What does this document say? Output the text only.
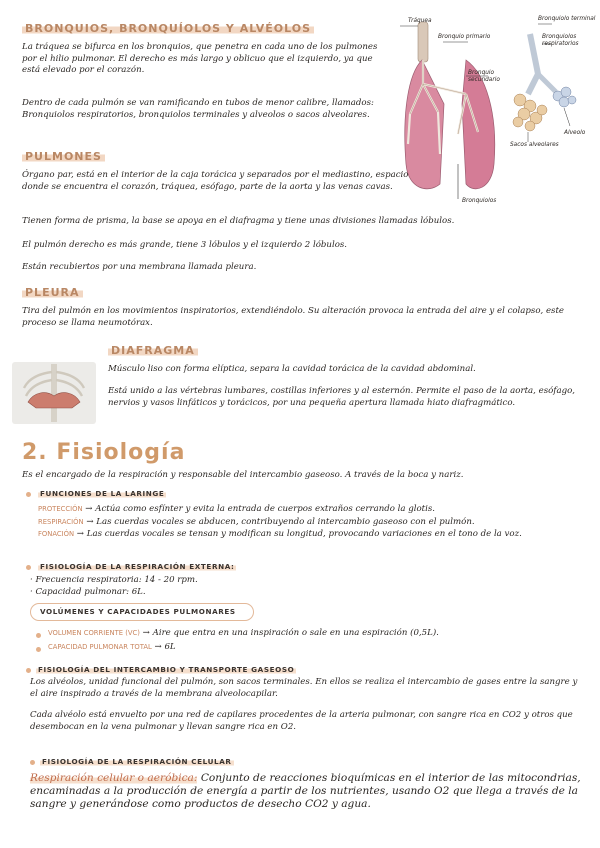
BRONQUIOS, BRONQUÍOLOS Y ALVÉOLOS

La tráquea se bifurca en los bronquios, que penetra en cada uno de los pulmones por el hilio pulmonar. El derecho es más largo y oblicuo que el izquierdo, ya que está elevado por el corazón.

Dentro de cada pulmón se van ramificando en tubos de menor calibre, llamados: Bronquiolos respiratorios, bronquiolos terminales y alveolos o sacos alveolares.

Tráquea
Bronquio primario
Bronquio secundario
Bronquiolos
Bronquiolo terminal
Bronquiolos respiratorios
Sacos alveolares
Alveolo
PULMONES

Órgano par, está en el interior de la caja torácica y separados por el mediastino, espacio donde se encuentra el corazón, tráquea, esófago, parte de la aorta y las venas cavas.

Tienen forma de prisma, la base se apoya en el diafragma y tiene unas divisiones llamadas lóbulos.

El pulmón derecho es más grande, tiene 3 lóbulos y el izquierdo 2 lóbulos.

Están recubiertos por una membrana llamada pleura.

PLEURA

Tira del pulmón en los movimientos inspiratorios, extendiéndolo. Su alteración provoca la entrada del aire y el colapso, este proceso se llama neumotórax.

DIAFRAGMA

Músculo liso con forma elíptica, separa la cavidad torácica de la cavidad abdominal.

Está unido a las vértebras lumbares, costillas inferiores y al esternón. Permite el paso de la aorta, esófago, nervios y vasos linfáticos y torácicos, por una pequeña apertura llamada hiato diafragmático.

2. Fisiología

Es el encargado de la respiración y responsable del intercambio gaseoso. A través de la boca y nariz.

FUNCIONES DE LA LARINGE

PROTECCIÓN → Actúa como esfínter y evita la entrada de cuerpos extraños cerrando la glotis.

RESPIRACIÓN → Las cuerdas vocales se abducen, contribuyendo al intercambio gaseoso con el pulmón.

FONACIÓN → Las cuerdas vocales se tensan y modifican su longitud, provocando variaciones en el tono de la voz.

FISIOLOGÍA DE LA RESPIRACIÓN EXTERNA:

· Frecuencia respiratoria: 14 - 20 rpm.

· Capacidad pulmonar: 6L.

VOLÚMENES Y CAPACIDADES PULMONARES

VOLUMEN CORRIENTE (VC) → Aire que entra en una inspiración o sale en una espiración (0,5L).

CAPACIDAD PULMONAR TOTAL → 6L

FISIOLOGÍA DEL INTERCAMBIO Y TRANSPORTE GASEOSO

Los alvéolos, unidad funcional del pulmón, son sacos terminales. En ellos se realiza el intercambio de gases entre la sangre y el aire inspirado a través de la membrana alveolocapilar.

Cada alvéolo está envuelto por una red de capilares procedentes de la arteria pulmonar, con sangre rica en CO2 y otros que desembocan en la vena pulmonar y llevan sangre rica en O2.

FISIOLOGÍA DE LA RESPIRACIÓN CELULAR

Respiración celular o aeróbica: Conjunto de reacciones bioquímicas en el interior de las mitocondrias, encaminadas a la producción de energía a partir de los nutrientes, usando O2 que llega a través de la sangre y generándose como productos de desecho CO2 y agua.
